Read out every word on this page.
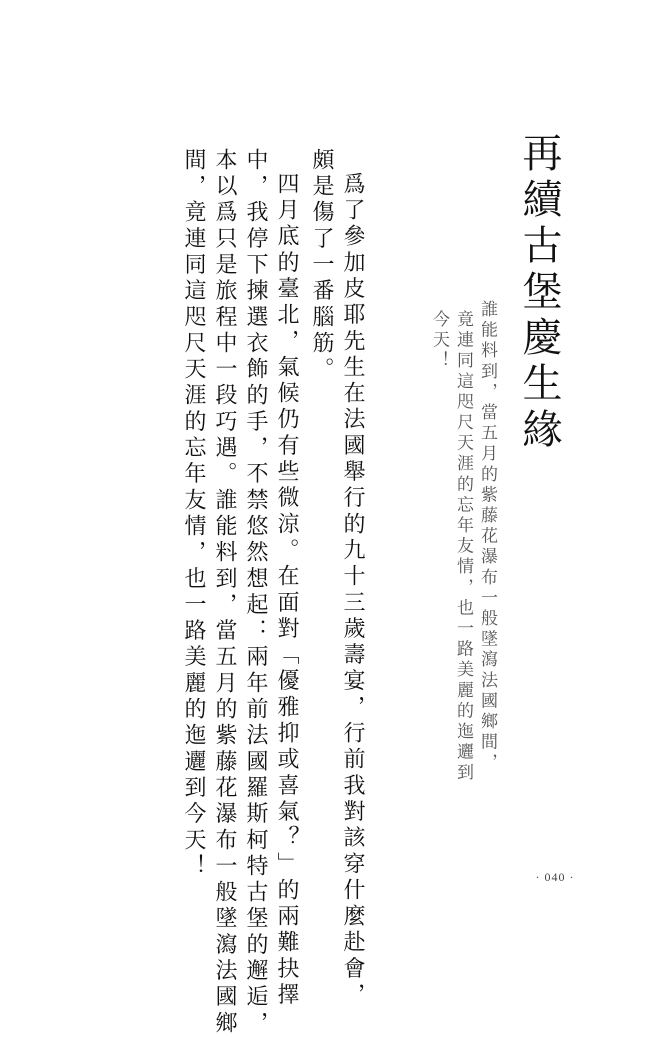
再續古堡慶生緣
誰能料到，當五月的紫藤花瀑布一般墜瀉法國鄉間，
竟連同這咫尺天涯的忘年友情，也一路美麗的迤邐到
今天！
爲了參加皮耶先生在法國舉行的九十三歲壽宴，行前我對該穿什麼赴會，
頗是傷了一番腦筋。
四月底的臺北，氣候仍有些微涼。在面對「優雅抑或喜氣？」的兩難抉擇
中，我停下揀選衣飾的手，不禁悠然想起：兩年前法國羅斯柯特古堡的邂逅，
本以爲只是旅程中一段巧遇。誰能料到，當五月的紫藤花瀑布一般墜瀉法國鄉
間，竟連同這咫尺天涯的忘年友情，也一路美麗的迤邐到今天！	· 040 ·
